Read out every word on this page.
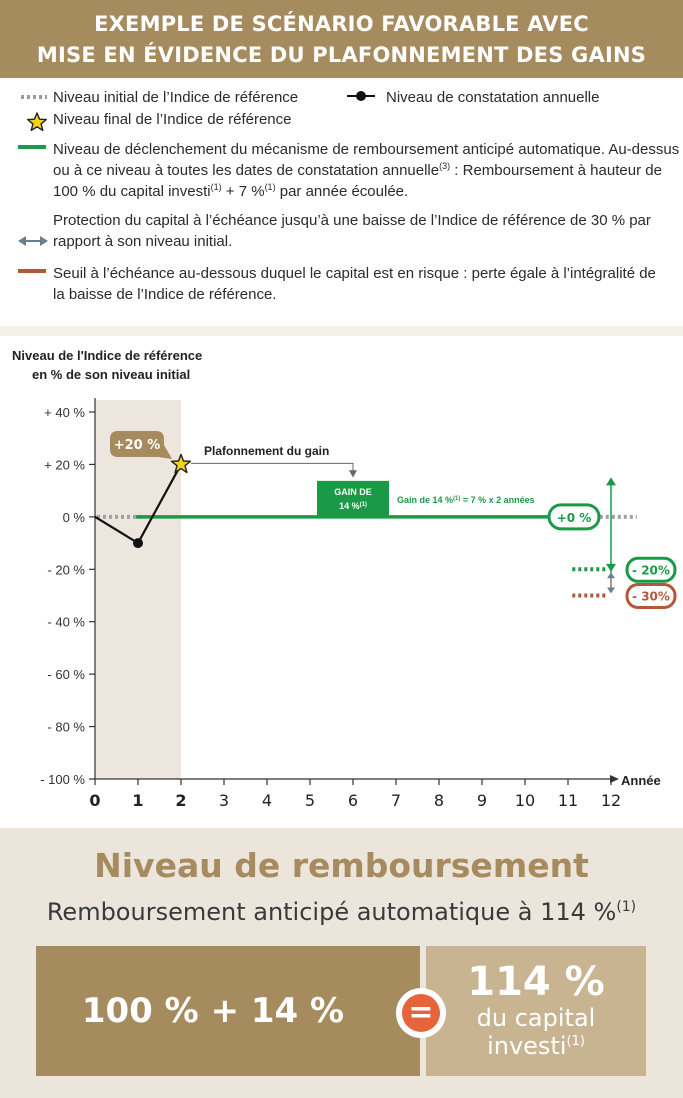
EXEMPLE DE SCÉNARIO FAVORABLE AVEC
MISE EN ÉVIDENCE DU PLAFONNEMENT DES GAINS
Niveau initial de l’Indice de référence	Niveau de constatation annuelle
Niveau final de l’Indice de référence
Niveau de déclenchement du mécanisme de remboursement anticipé automatique. Au-dessus
ou à ce niveau à toutes les dates de constatation annuelle$^{(3)}$ : Remboursement à hauteur de
100 % du capital investi$^{(1)}$ + 7 %$^{(1)}$ par année écoulée.
Protection du capital à l’échéance jusqu’à une baisse de l’Indice de référence de 30 % par
rapport à son niveau initial.
Seuil à l’échéance au-dessous duquel le capital est en risque : perte égale à l’intégralité de
la baisse de l’Indice de référence.
Niveau de l'Indice de référence
en % de son niveau initial
+ 40 %
+ 20 %
0 %
- 20 %
- 40 %
- 60 %
- 80 %
- 100 %
0 1 2 3 4 5 6 7 8 9 10 11 12
Année
+20 %	Plafonnement du gain
GAIN DE
14 %$^{(1)}$	Gain de 14 %$^{(1)}$ = 7 % x 2 années
+0 %
- 20%
- 30%
Niveau de remboursement
Remboursement anticipé automatique à 114 %$^{(1)}$
100 % + 14 %
114 %
du capital
investi$^{(1)}$
=
